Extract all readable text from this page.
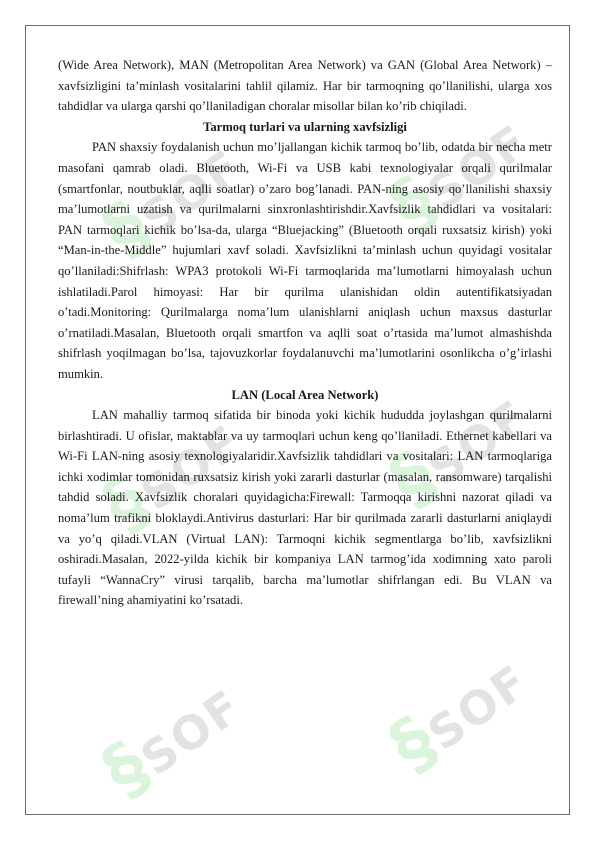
§SOF §SOF
§SOF §SOF
§SOF §SOF

(Wide Area Network), MAN (Metropolitan Area Network) va GAN (Global Area Network) – xavfsizligini ta’minlash vositalarini tahlil qilamiz. Har bir tarmoqning qo’llanilishi, ularga xos tahdidlar va ularga qarshi qo’llaniladigan choralar misollar bilan ko’rib chiqiladi.

Tarmoq turlari va ularning xavfsizligi

PAN shaxsiy foydalanish uchun mo’ljallangan kichik tarmoq bo’lib, odatda bir necha metr masofani qamrab oladi. Bluetooth, Wi-Fi va USB kabi texnologiyalar orqali qurilmalar (smartfonlar, noutbuklar, aqlli soatlar) o’zaro bog’lanadi. PAN-ning asosiy qo’llanilishi shaxsiy ma’lumotlarni uzatish va qurilmalarni sinxronlashtirishdir.Xavfsizlik tahdidlari va vositalari: PAN tarmoqlari kichik bo’lsa-da, ularga “Bluejacking” (Bluetooth orqali ruxsatsiz kirish) yoki “Man-in-the-Middle” hujumlari xavf soladi. Xavfsizlikni ta’minlash uchun quyidagi vositalar qo’llaniladi:Shifrlash: WPA3 protokoli Wi-Fi tarmoqlarida ma’lumotlarni himoyalash uchun ishlatiladi.Parol himoyasi: Har bir qurilma ulanishidan oldin autentifikatsiyadan o’tadi.Monitoring: Qurilmalarga noma’lum ulanishlarni aniqlash uchun maxsus dasturlar o’rnatiladi.Masalan, Bluetooth orqali smartfon va aqlli soat o’rtasida ma’lumot almashishda shifrlash yoqilmagan bo’lsa, tajovuzkorlar foydalanuvchi ma’lumotlarini osonlikcha o’g’irlashi mumkin.

LAN (Local Area Network)

LAN mahalliy tarmoq sifatida bir binoda yoki kichik hududda joylashgan qurilmalarni birlashtiradi. U ofislar, maktablar va uy tarmoqlari uchun keng qo’llaniladi. Ethernet kabellari va Wi-Fi LAN-ning asosiy texnologiyalaridir.Xavfsizlik tahdidlari va vositalari: LAN tarmoqlariga ichki xodimlar tomonidan ruxsatsiz kirish yoki zararli dasturlar (masalan, ransomware) tarqalishi tahdid soladi. Xavfsizlik choralari quyidagicha:Firewall: Tarmoqqa kirishni nazorat qiladi va noma’lum trafikni bloklaydi.Antivirus dasturlari: Har bir qurilmada zararli dasturlarni aniqlaydi va yo’q qiladi.VLAN (Virtual LAN): Tarmoqni kichik segmentlarga bo’lib, xavfsizlikni oshiradi.Masalan, 2022-yilda kichik bir kompaniya LAN tarmog’ida xodimning xato paroli tufayli “WannaCry” virusi tarqalib, barcha ma’lumotlar shifrlangan edi. Bu VLAN va firewall’ning ahamiyatini ko’rsatadi.
